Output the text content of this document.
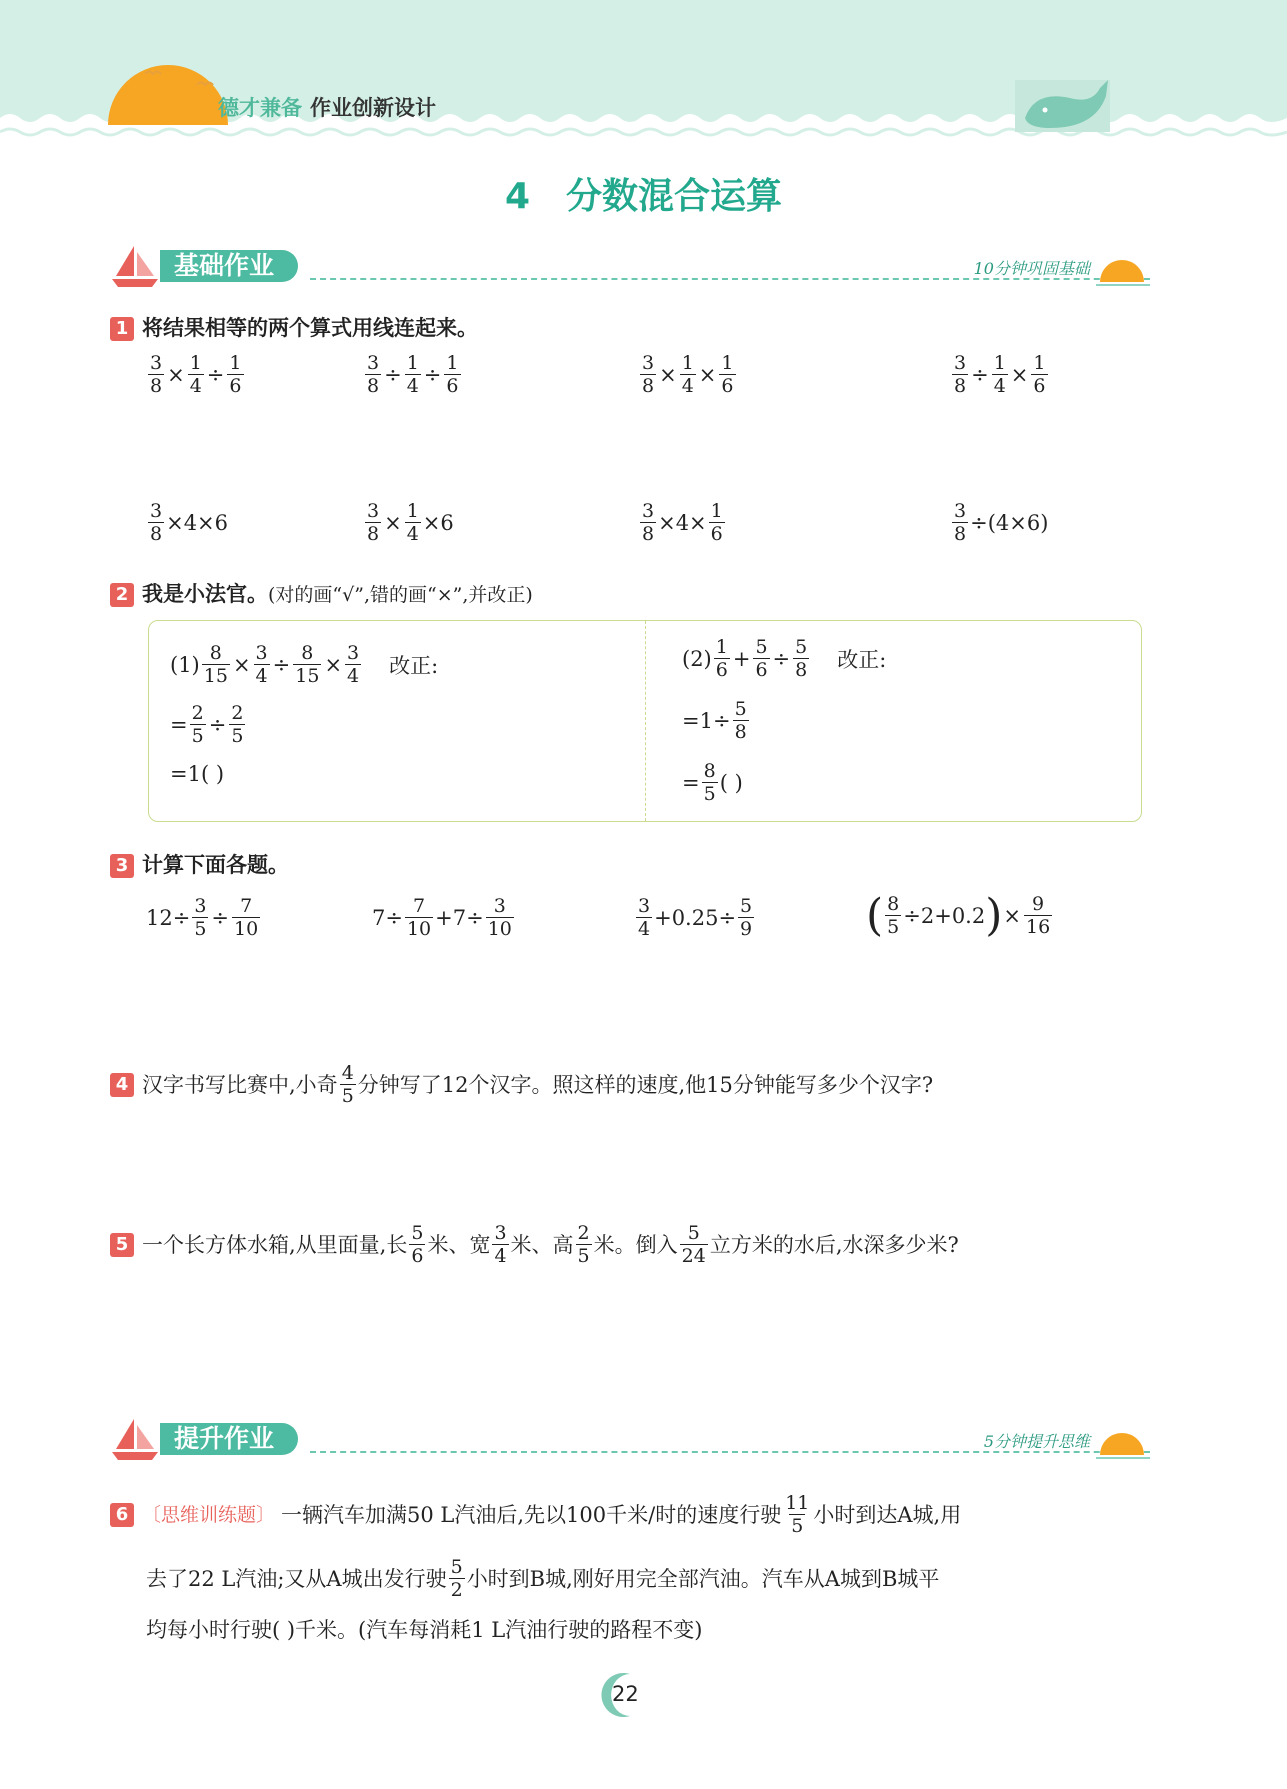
德才兼备 作业创新设计
4 分数混合运算
基础作业	10分钟巩固基础
1 将结果相等的两个算式用线连起来。
$\frac{3}{8} \times \frac{1}{4} \div \frac{1}{6}$	$\frac{3}{8} \div \frac{1}{4} \div \frac{1}{6}$	$\frac{3}{8} \times \frac{1}{4} \times \frac{1}{6}$	$\frac{3}{8} \div \frac{1}{4} \times \frac{1}{6}$
$\frac{3}{8} \times 4\times 6$	$\frac{3}{8} \times \frac{1}{4} \times 6$	$\frac{3}{8} \times 4\times \frac{1}{6}$	$\frac{3}{8} \div(4\times 6)$
2 我是小法官。(对的画“√”,错的画“×”,并改正)
$(1) \frac{8}{15} \times \frac{3}{4} \div \frac{8}{15} \times \frac{3}{4}$ 改正:
= $\frac{2}{5} \div \frac{2}{5}$
=1( )
$(2) \frac{1}{6} + \frac{5}{6} \div \frac{5}{8}$ 改正:
$=1\div \frac{5}{8}$
= $\frac{8}{5}$ ( )
3 计算下面各题。
$12\div \frac{3}{5} \div \frac{7}{10}$	$7\div \frac{7}{10} +7\div \frac{3}{10}$	$\frac{3}{4} +0.25\div \frac{5}{9}$	( $\frac{8}{5} \div 2+0.2$ ) × $\frac{9}{16}$
4 汉字书写比赛中,小奇 $\frac{4}{5}$ 分钟写了12个汉字。照这样的速度,他15分钟能写多少个汉字?
5 一个长方体水箱,从里面量,长 $\frac{5}{6}$ 米、宽 $\frac{3}{4}$ 米、高 $\frac{2}{5}$ 米。倒入 $\frac{5}{24}$ 立方米的水后,水深多少米?
提升作业	5分钟提升思维
6 〔思维训练题〕 一辆汽车加满50 L汽油后,先以100千米/时的速度行驶 $\frac{11}{5}$ 小时到达A城,用
去了22 L汽油;又从A城出发行驶 $\frac{5}{2}$ 小时到B城,刚好用完全部汽油。汽车从A城到B城平
均每小时行驶( )千米。(汽车每消耗1 L汽油行驶的路程不变)
22
